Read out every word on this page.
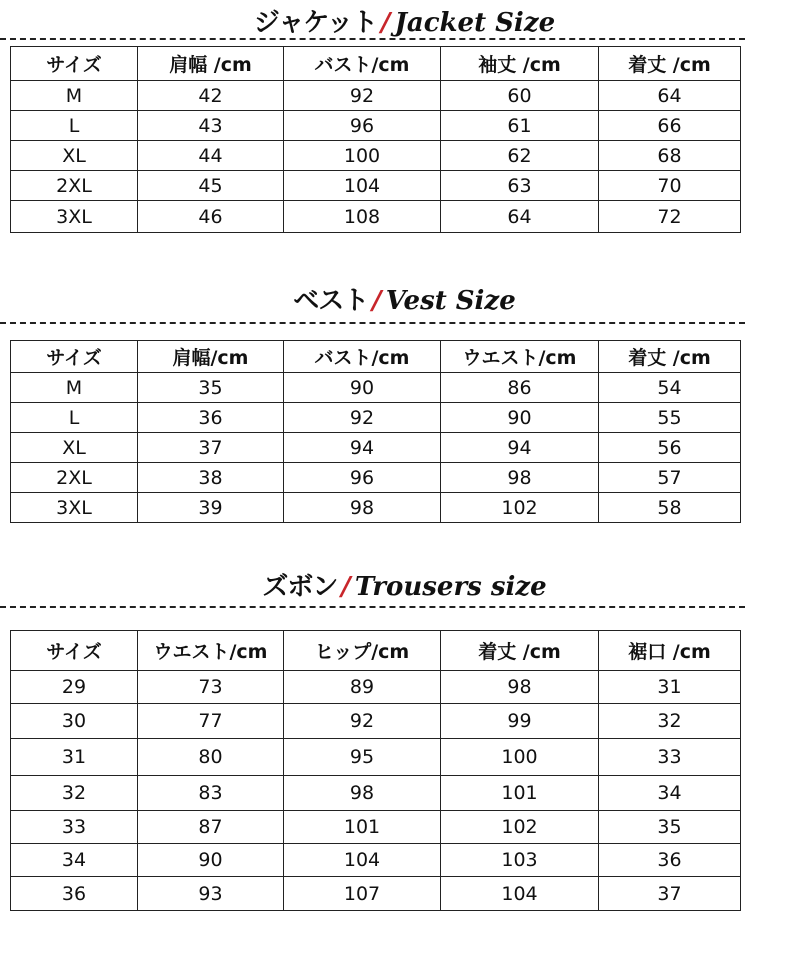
ジャケット / Jacket Size
サイズ	肩幅 /cm	バスト/cm	袖丈 /cm	着丈 /cm
M	42	92	60	64
L	43	96	61	66
XL	44	100	62	68
2XL	45	104	63	70
3XL	46	108	64	72
ベスト / Vest Size
サイズ	肩幅/cm	バスト/cm	ウエスト/cm	着丈 /cm
M	35	90	86	54
L	36	92	90	55
XL	37	94	94	56
2XL	38	96	98	57
3XL	39	98	102	58
ズボン / Trousers size
サイズ	ウエスト/cm	ヒップ/cm	着丈 /cm	裾口 /cm
29	73	89	98	31
30	77	92	99	32
31	80	95	100	33
32	83	98	101	34
33	87	101	102	35
34	90	104	103	36
36	93	107	104	37
